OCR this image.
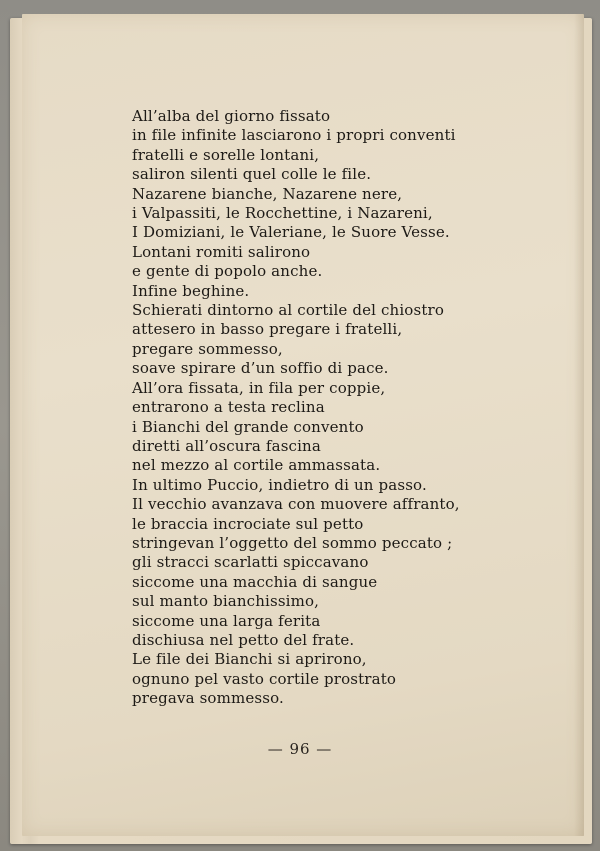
All’alba del giorno fissato
in file infinite lasciarono i propri conventi
fratelli e sorelle lontani,
saliron silenti quel colle le file.
Nazarene bianche, Nazarene nere,
i Valpassiti, le Rocchettine, i Nazareni,
I Domiziani, le Valeriane, le Suore Vesse.
Lontani romiti salirono
e gente di popolo anche.
Infine beghine.
Schierati dintorno al cortile del chiostro
attesero in basso pregare i fratelli,
pregare sommesso,
soave spirare d’un soffio di pace.
All’ora fissata, in fila per coppie,
entrarono a testa reclina
i Bianchi del grande convento
diretti all’oscura fascina
nel mezzo al cortile ammassata.
In ultimo Puccio, indietro di un passo.
Il vecchio avanzava con muovere affranto,
le braccia incrociate sul petto
stringevan l’oggetto del sommo peccato ;
gli stracci scarlatti spiccavano
siccome una macchia di sangue
sul manto bianchissimo,
siccome una larga ferita
dischiusa nel petto del frate.
Le file dei Bianchi si aprirono,
ognuno pel vasto cortile prostrato
pregava sommesso.
— 96 —
